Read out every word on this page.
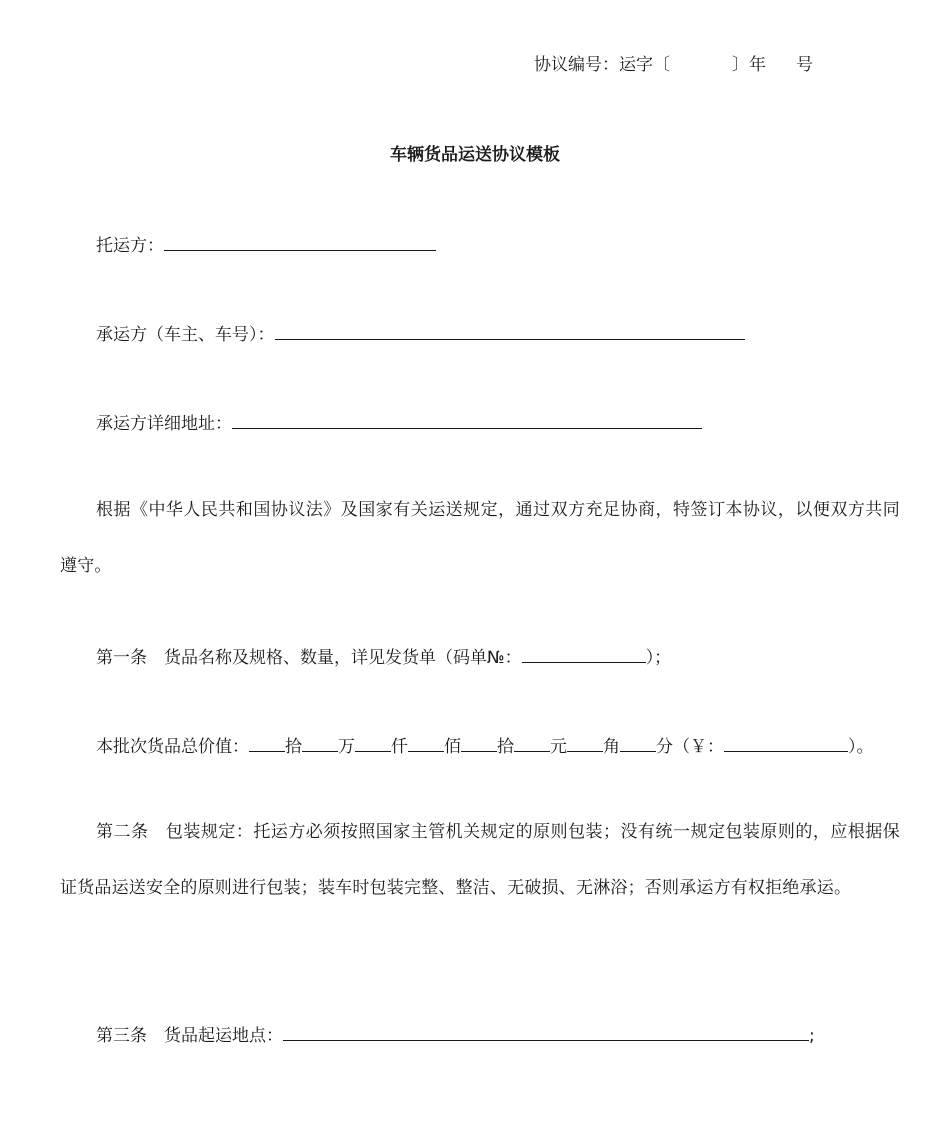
协议编号：运字〔	〕年 号
车辆货品运送协议模板
托运方：
承运方（车主、车号）：
承运方详细地址：
根据《中华人民共和国协议法》及国家有关运送规定，通过双方充足协商，特签订本协议，以便双方共同遵守。
第一条　货品名称及规格、数量，详见发货单（码单№：	）；
本批次货品总价值： 拾 万 仟 佰 拾 元 角 分（￥：	）。
第二条　包装规定：托运方必须按照国家主管机关规定的原则包装；没有统一规定包装原则的，应根据保证货品运送安全的原则进行包装；装车时包装完整、整洁、无破损、无淋浴；否则承运方有权拒绝承运。
第三条　货品起运地点：	;
